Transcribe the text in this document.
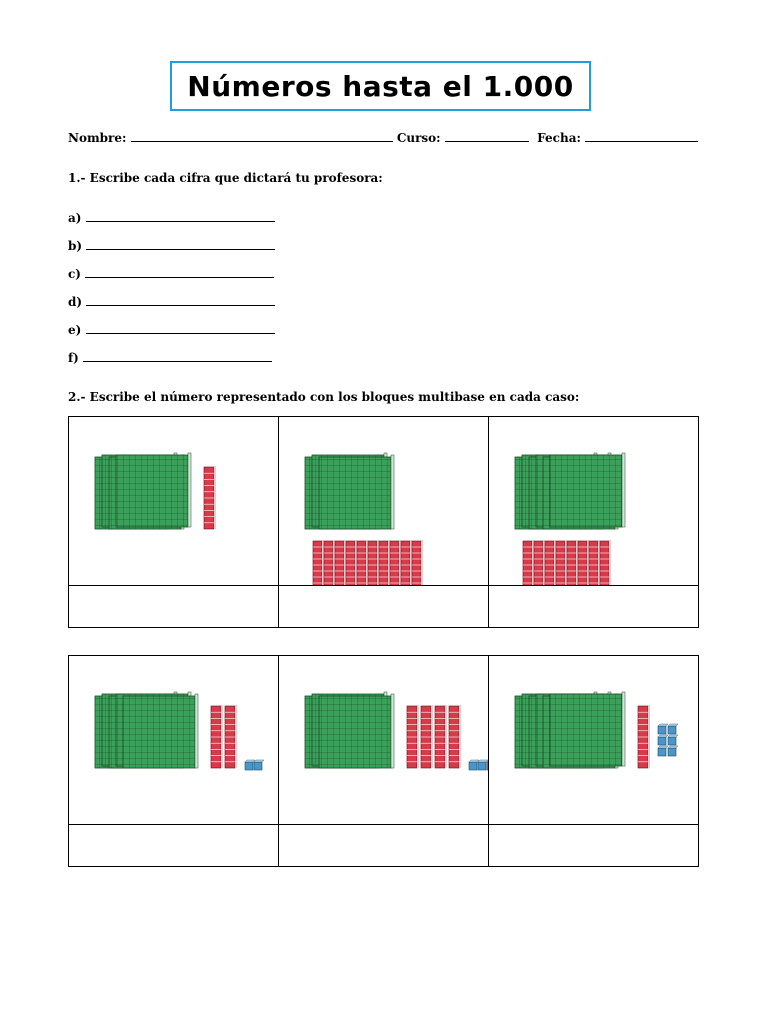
Números hasta el 1.000
Nombre:	Curso:	Fecha:
1.- Escribe cada cifra que dictará tu profesora:
a)
b)
c)
d)
e)
f)
2.- Escribe el número representado con los bloques multibase en cada caso:
